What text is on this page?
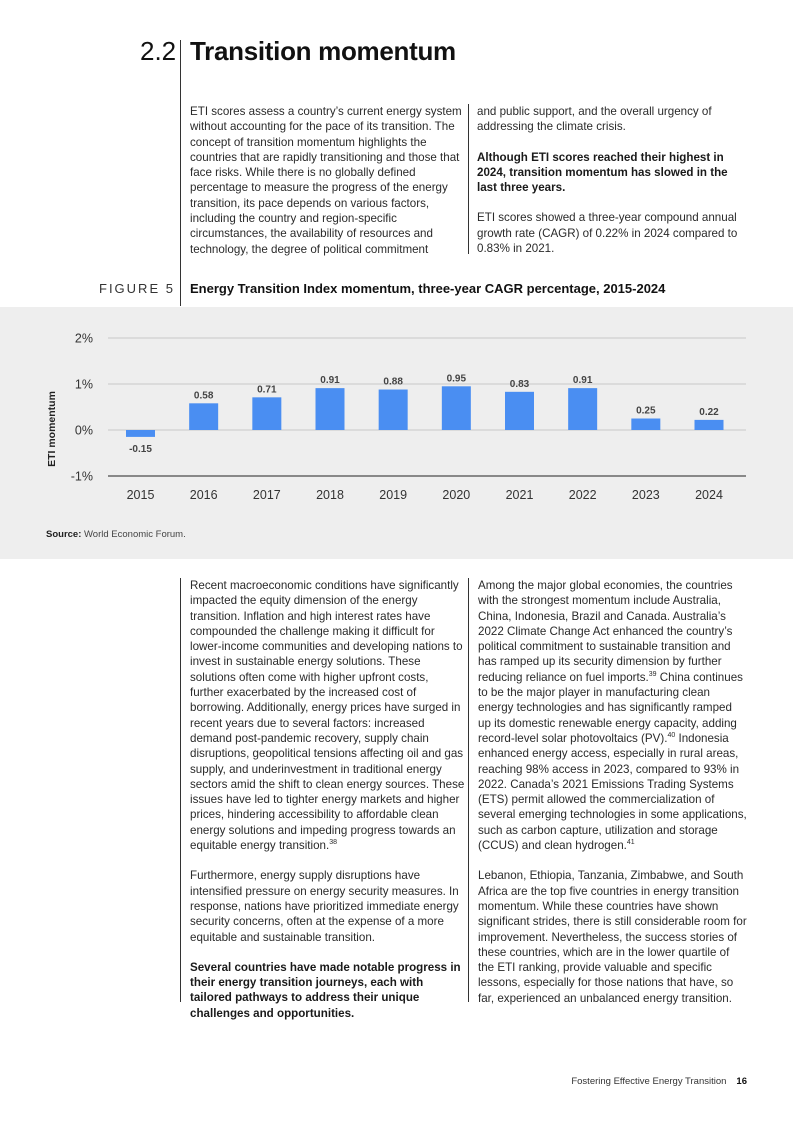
2.2 Transition momentum

ETI scores assess a country’s current energy system without accounting for the pace of its transition. The concept of transition momentum highlights the countries that are rapidly transitioning and those that face risks. While there is no globally defined percentage to measure the progress of the energy transition, its pace depends on various factors, including the country and region-specific circumstances, the availability of resources and technology, the degree of political commitment

and public support, and the overall urgency of addressing the climate crisis.

Although ETI scores reached their highest in 2024, transition momentum has slowed in the last three years.

ETI scores showed a three-year compound annual growth rate (CAGR) of 0.22% in 2024 compared to 0.83% in 2021.

FIGURE 5 Energy Transition Index momentum, three-year CAGR percentage, 2015-2024
-1%
0%
1%
2%
ETI momentum	-0.15
2015
0.58
2016
0.71
2017
0.91
2018
0.88
2019
0.95
2020
0.83
2021
0.91
2022
0.25
2023
0.22
2024
Source: World Economic Forum.

Recent macroeconomic conditions have significantly impacted the equity dimension of the energy transition. Inflation and high interest rates have compounded the challenge making it difficult for lower-income communities and developing nations to invest in sustainable energy solutions. These solutions often come with higher upfront costs, further exacerbated by the increased cost of borrowing. Additionally, energy prices have surged in recent years due to several factors: increased demand post-pandemic recovery, supply chain disruptions, geopolitical tensions affecting oil and gas supply, and underinvestment in traditional energy sectors amid the shift to clean energy sources. These issues have led to tighter energy markets and higher prices, hindering accessibility to affordable clean energy solutions and impeding progress towards an equitable energy transition.$^{38}$

Furthermore, energy supply disruptions have intensified pressure on energy security measures. In response, nations have prioritized immediate energy security concerns, often at the expense of a more equitable and sustainable transition.

Several countries have made notable progress in their energy transition journeys, each with tailored pathways to address their unique challenges and opportunities.

Among the major global economies, the countries with the strongest momentum include Australia, China, Indonesia, Brazil and Canada. Australia’s 2022 Climate Change Act enhanced the country’s political commitment to sustainable transition and has ramped up its security dimension by further reducing reliance on fuel imports.$^{39}$ China continues to be the major player in manufacturing clean energy technologies and has significantly ramped up its domestic renewable energy capacity, adding record-level solar photovoltaics (PV).$^{40}$ Indonesia enhanced energy access, especially in rural areas, reaching 98% access in 2023, compared to 93% in 2022. Canada’s 2021 Emissions Trading Systems (ETS) permit allowed the commercialization of several emerging technologies in some applications, such as carbon capture, utilization and storage (CCUS) and clean hydrogen.$^{41}$

Lebanon, Ethiopia, Tanzania, Zimbabwe, and South Africa are the top five countries in energy transition momentum. While these countries have shown significant strides, there is still considerable room for improvement. Nevertheless, the success stories of these countries, which are in the lower quartile of the ETI ranking, provide valuable and specific lessons, especially for those nations that have, so far, experienced an unbalanced energy transition.

Fostering Effective Energy Transition 16
